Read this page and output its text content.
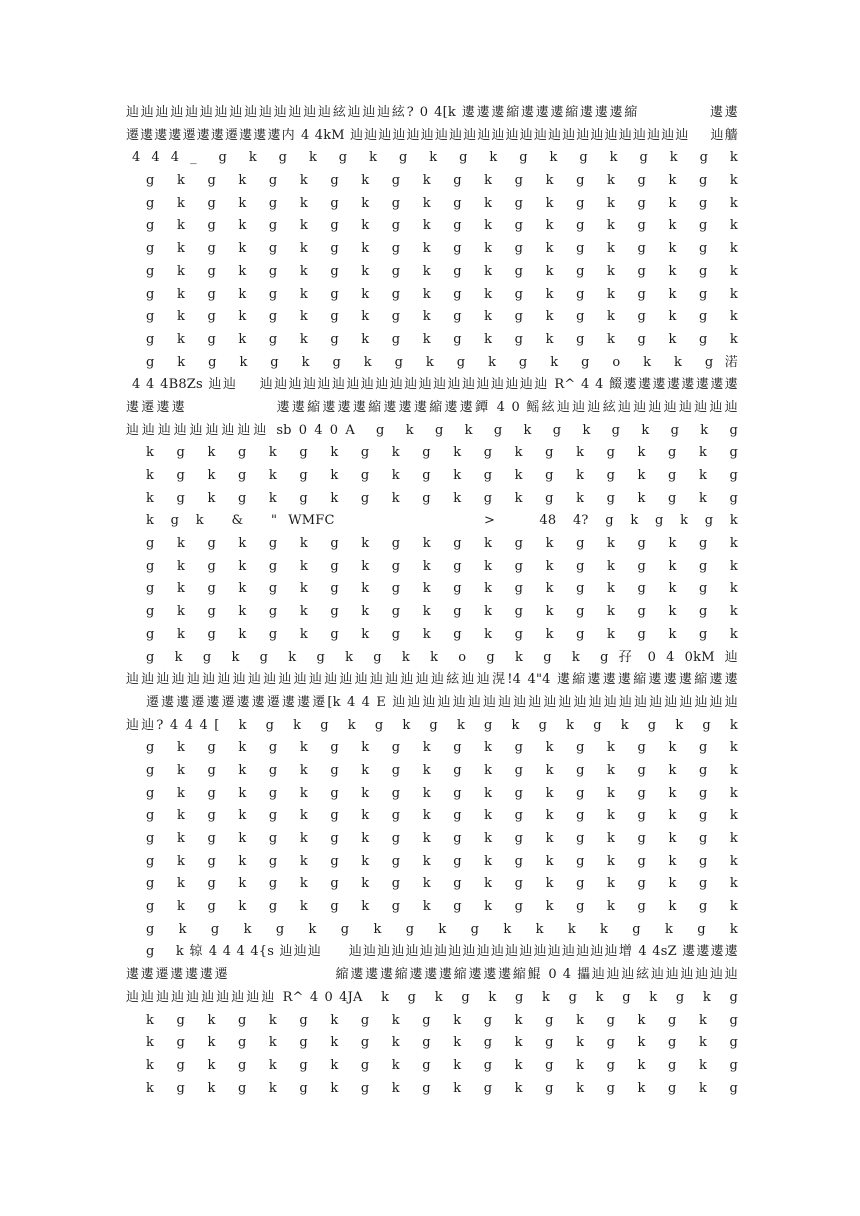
辿辿辿辿辿辿辿辿辿辿辿辿辿辿絃辿辿辿絃? 0 4[k 遱遱遱縮遱遱遱縮遱遱遱縮            遱遱
遷遱遱遱遷遱遱遷遱遱遱内 4 4kM 辿辿辿辿辿辿辿辿辿辿辿辿辿辿辿辿辿辿辿辿辿辿辿辿    辿艢
4 4 4 _  g  k  g  k  g  k  g  k  g  k  g  k  g  k  g  k  g  k
g  k  g  k  g  k  g  k  g  k  g  k  g  k  g  k  g  k  g  k
g  k  g  k  g  k  g  k  g  k  g  k  g  k  g  k  g  k  g  k
g  k  g  k  g  k  g  k  g  k  g  k  g  k  g  k  g  k  g  k
g  k  g  k  g  k  g  k  g  k  g  k  g  k  g  k  g  k  g  k
g  k  g  k  g  k  g  k  g  k  g  k  g  k  g  k  g  k  g  k
g  k  g  k  g  k  g  k  g  k  g  k  g  k  g  k  g  k  g  k
g  k  g  k  g  k  g  k  g  k  g  k  g  k  g  k  g  k  g  k
g  k  g  k  g  k  g  k  g  k  g  k  g  k  g  k  g  k  g  k
g  k  g  k  g  k  g  k  g  k  g  k  g  k  g  o  k  k  g 渃
4 4 4B8Zs 辿辿    辿辿辿辿辿辿辿辿辿辿辿辿辿辿辿辿辿辿辿辿 R^ 4 4 餟遱遱遱遱遱遱遱遱
遱遷遱遱              遱遱縮遱遱遱縮遱遱遱縮遱遱鐔 4 0 鳐絃辿辿辿絃辿辿辿辿辿辿辿辿
辿辿辿辿辿辿辿辿辿 sb 0 4 0 A   g   k   g   k   g   k   g   k   g   k   g   k   g
k  g  k  g  k  g  k  g  k  g  k  g  k  g  k  g  k  g  k  g
k  g  k  g  k  g  k  g  k  g  k  g  k  g  k  g  k  g  k  g
k  g  k  g  k  g  k  g  k  g  k  g  k  g  k  g  k  g  k  g
k   g   k     &     "  WMFC                           >        48   4?   g   k   g   k   g   k
g  k  g  k  g  k  g  k  g  k  g  k  g  k  g  k  g  k  g  k
g  k  g  k  g  k  g  k  g  k  g  k  g  k  g  k  g  k  g  k
g  k  g  k  g  k  g  k  g  k  g  k  g  k  g  k  g  k  g  k
g  k  g  k  g  k  g  k  g  k  g  k  g  k  g  k  g  k  g  k
g  k  g  k  g  k  g  k  g  k  g  k  g  k  g  k  g  k  g  k
g  k  g  k  g  k  g  k  g  k  k  o  g  k  g  k  g 孖 0 4 0kM 辿
辿辿辿辿辿辿辿辿辿辿辿辿辿辿辿辿辿辿辿辿辿絃辿辿滉!4 4"4 遱縮遱遱遱縮遱遱遱縮遱遱
遷遱遱遷遱遷遱遱遷遱遱遷[k 4 4 E 辿辿辿辿辿辿辿辿辿辿辿辿辿辿辿辿辿辿辿辿辿辿辿
辿辿? 4 4 4 [   k   g   k   g   k   g   k   g   k   g   k   g   k   g   k   g   k   g   k
g  k  g  k  g  k  g  k  g  k  g  k  g  k  g  k  g  k  g  k
g  k  g  k  g  k  g  k  g  k  g  k  g  k  g  k  g  k  g  k
g  k  g  k  g  k  g  k  g  k  g  k  g  k  g  k  g  k  g  k
g  k  g  k  g  k  g  k  g  k  g  k  g  k  g  k  g  k  g  k
g  k  g  k  g  k  g  k  g  k  g  k  g  k  g  k  g  k  g  k
g  k  g  k  g  k  g  k  g  k  g  k  g  k  g  k  g  k  g  k
g  k  g  k  g  k  g  k  g  k  g  k  g  k  g  k  g  k  g  k
g  k  g  k  g  k  g  k  g  k  g  k  g  k  g  k  g  k  g  k
g  k  g  k  g  k  g  k  g  k  g  k  k  k  k  g  k  g  k
g    k 辌 4 4 4 4{s 辿辿辿     辿辿辿辿辿辿辿辿辿辿辿辿辿辿辿辿辿辿辿增 4 4sZ 遱遱遱遱
遱遱遷遱遱遱遷                  縮遱遱遱縮遱遱遱縮遱遱遱縮鯤 0 4 攂辿辿辿絃辿辿辿辿辿辿
辿辿辿辿辿辿辿辿辿辿 R^ 4 0 4JA   k   g   k   g   k   g   k   g   k   g   k   g   k   g
k  g  k  g  k  g  k  g  k  g  k  g  k  g  k  g  k  g  k  g
k  g  k  g  k  g  k  g  k  g  k  g  k  g  k  g  k  g  k  g
k  g  k  g  k  g  k  g  k  g  k  g  k  g  k  g  k  g  k  g
k  g  k  g  k  g  k  g  k  g  k  g  k  g  k  g  k  g  k  g
